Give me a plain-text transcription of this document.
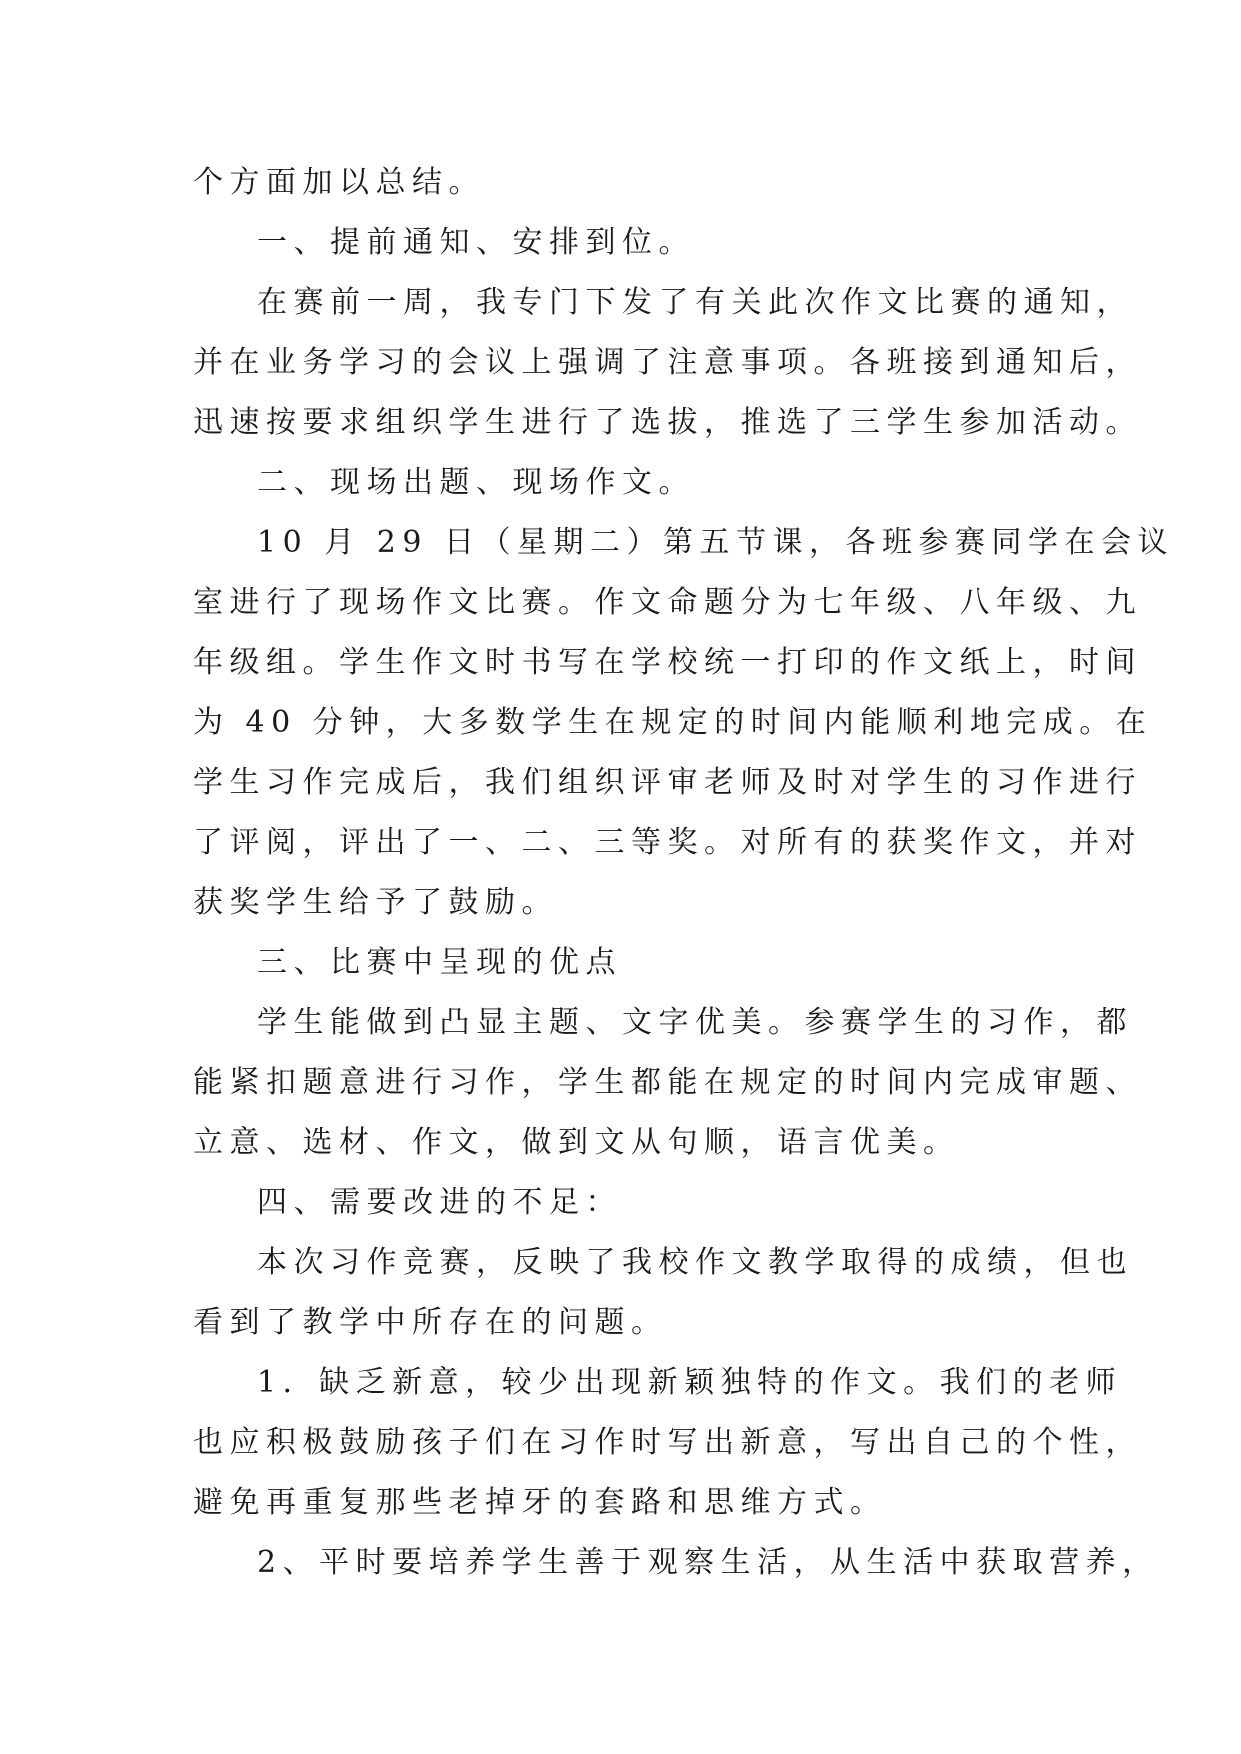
个方面加以总结。
一、提前通知、安排到位。
在赛前一周，我专门下发了有关此次作文比赛的通知，
并在业务学习的会议上强调了注意事项。各班接到通知后，
迅速按要求组织学生进行了选拔，推选了三学生参加活动。
二、现场出题、现场作文。
10 月 29 日（星期二）第五节课，各班参赛同学在会议
室进行了现场作文比赛。作文命题分为七年级、八年级、九
年级组。学生作文时书写在学校统一打印的作文纸上，时间
为 40 分钟，大多数学生在规定的时间内能顺利地完成。在
学生习作完成后，我们组织评审老师及时对学生的习作进行
了评阅，评出了一、二、三等奖。对所有的获奖作文，并对
获奖学生给予了鼓励。
三、比赛中呈现的优点
学生能做到凸显主题、文字优美。参赛学生的习作，都
能紧扣题意进行习作，学生都能在规定的时间内完成审题、
立意、选材、作文，做到文从句顺，语言优美。
四、需要改进的不足：
本次习作竞赛，反映了我校作文教学取得的成绩，但也
看到了教学中所存在的问题。
1．缺乏新意，较少出现新颖独特的作文。我们的老师
也应积极鼓励孩子们在习作时写出新意，写出自己的个性，
避免再重复那些老掉牙的套路和思维方式。
2、平时要培养学生善于观察生活，从生活中获取营养，
